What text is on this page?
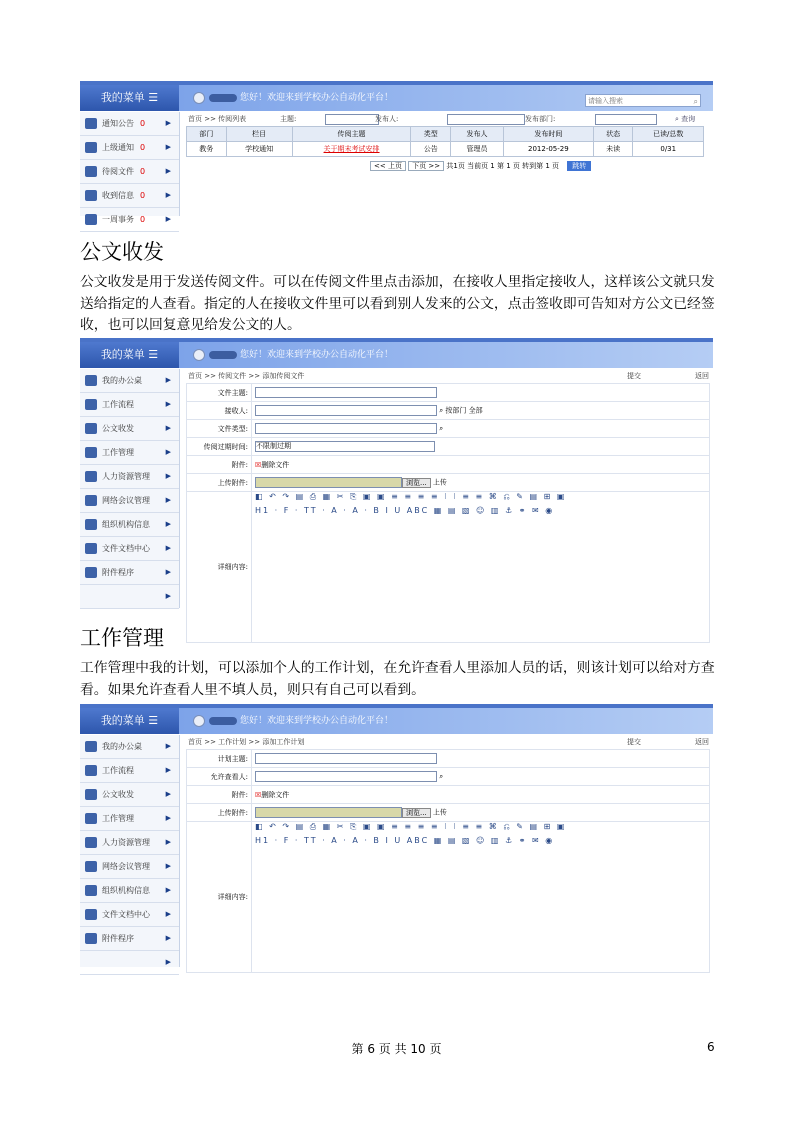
我的菜单 ☰	您好！欢迎来到学校办公自动化平台！	请输入搜索	⌕
通知公告 0	▶
上级通知 0	▶
待阅文件 0	▶
收到信息 0	▶
一周事务 0	▶
首页 >> 传阅列表	主题:	发布人:	发布部门:	⌕ 查询
部门	栏目	传阅主题	类型	发布人	发布时间	状态	已读/总数
教务	学校通知	关于期末考试安排	公告	管理员	2012-05-29	未读	0/31
<< 上页 下页 >> 共1页 当前页 1 第 1 页 转到第 1 页 跳转
公文收发
公文收发是用于发送传阅文件。可以在传阅文件里点击添加，在接收人里指定接收人，这样该公文就只发送给指定的人查看。指定的人在接收文件里可以看到别人发来的公文，点击签收即可告知对方公文已经签收，也可以回复意见给发公文的人。
我的菜单 ☰	您好！欢迎来到学校办公自动化平台！
我的办公桌	▶
工作流程	▶
公文收发	▶
工作管理	▶
人力资源管理 ▶
网络会议管理 ▶
组织机构信息 ▶
文件文档中心 ▶
附件程序	▶
▶
首页 >> 传阅文件 >> 添加传阅文件	提交	返回
文件主题:	
接收人:	⌕ 按部门 全部
文件类型:	⌕
传阅过期时间:	不限制过期
附件:	☒删除文件
上传附件:	浏览... 上传
详细内容:	◧ ↶ ↷ ▤ ⎙ ▦ ✂ ⎘ ▣ ▣ ≡ ≡ ≡ ≡ ⁝ ⁝ ≡ ≡ ⌘ ⎌ ✎ ▤ ⊞ ▣
H1 · F · TT · A · A · B I U ABC ▦ ▤ ▧ ☺ ▥ ⚓ ⚭ ✉ ◉
工作管理
工作管理中我的计划，可以添加个人的工作计划，在允许查看人里添加人员的话，则该计划可以给对方查看。如果允许查看人里不填人员，则只有自己可以看到。
我的菜单 ☰	您好！欢迎来到学校办公自动化平台！
我的办公桌	▶
工作流程	▶
公文收发	▶
工作管理	▶
人力资源管理 ▶
网络会议管理 ▶
组织机构信息 ▶
文件文档中心 ▶
附件程序	▶
▶
首页 >> 工作计划 >> 添加工作计划	提交	返回
计划主题:	
允许查看人:	⌕
附件:	☒删除文件
上传附件:	浏览... 上传
详细内容:	◧ ↶ ↷ ▤ ⎙ ▦ ✂ ⎘ ▣ ▣ ≡ ≡ ≡ ≡ ⁝ ⁝ ≡ ≡ ⌘ ⎌ ✎ ▤ ⊞ ▣
H1 · F · TT · A · A · B I U ABC ▦ ▤ ▧ ☺ ▥ ⚓ ⚭ ✉ ◉
第 6 页 共 10 页	6
